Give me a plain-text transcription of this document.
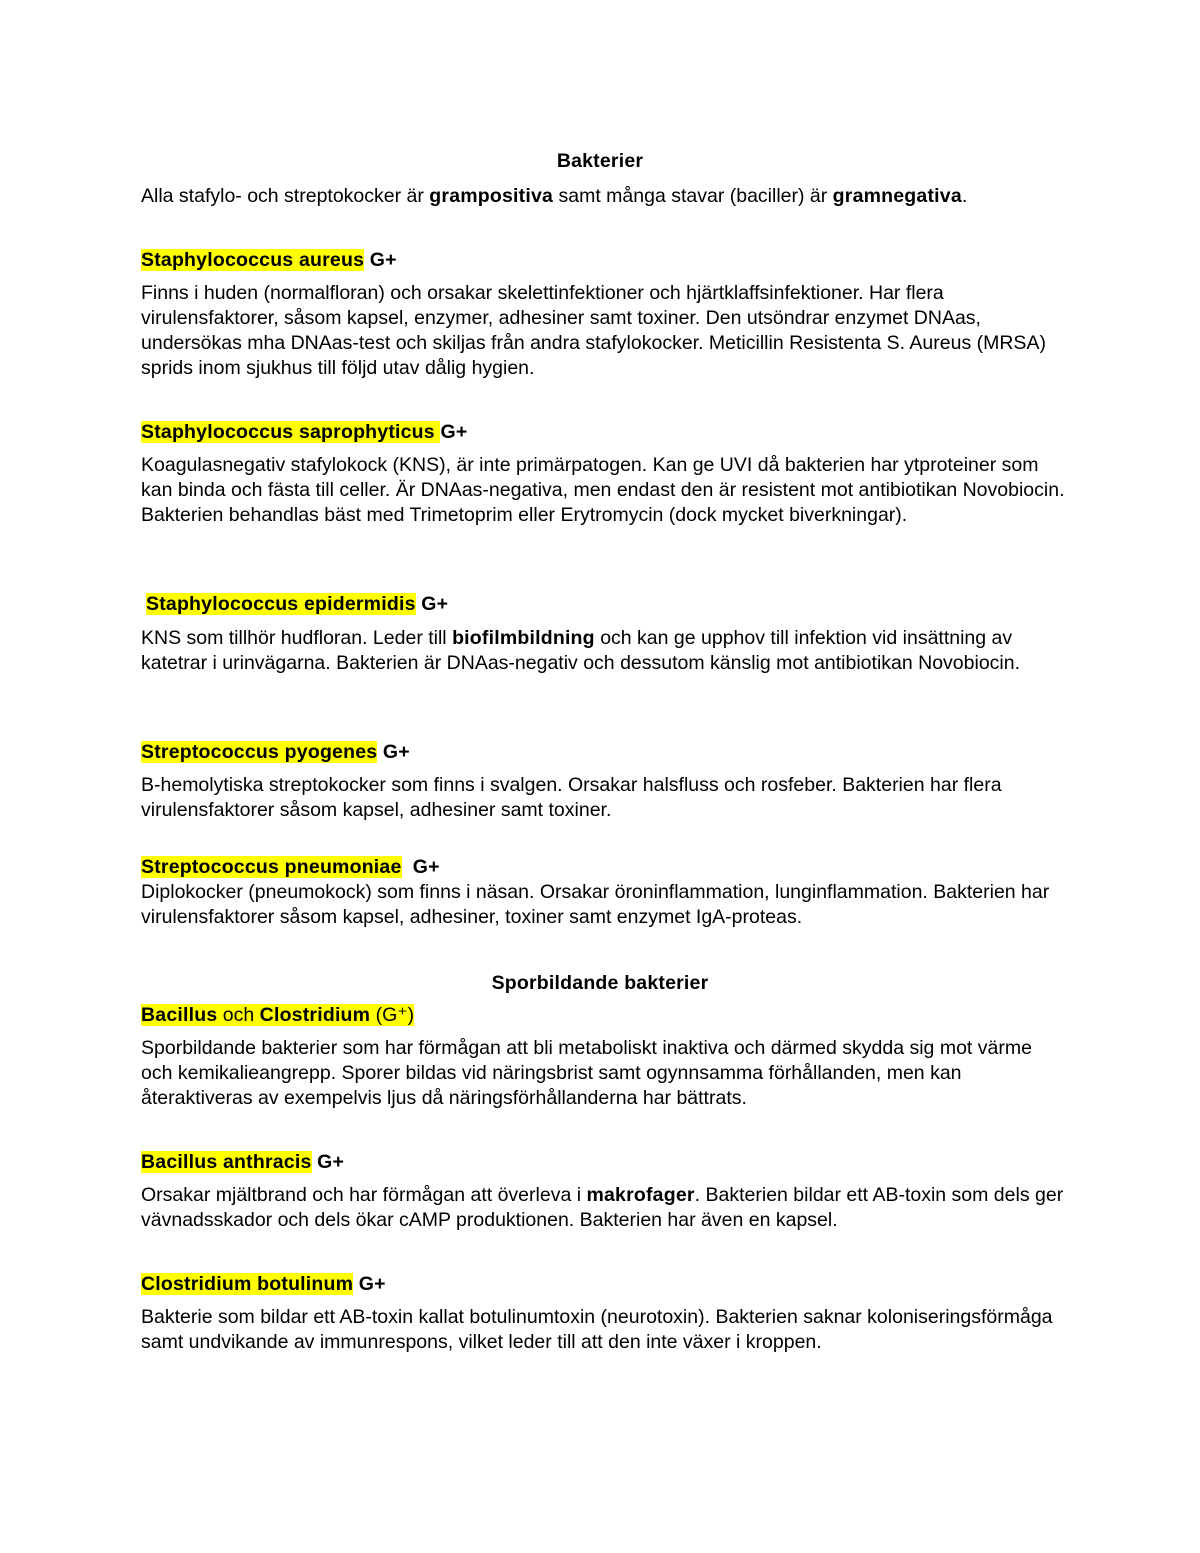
Bakterier
Alla stafylo- och streptokocker är grampositiva samt många stavar (baciller) är gramnegativa.
Staphylococcus aureus G+
Finns i huden (normalfloran) och orsakar skelettinfektioner och hjärtklaffsinfektioner. Har flera virulensfaktorer, såsom kapsel, enzymer, adhesiner samt toxiner. Den utsöndrar enzymet DNAas, undersökas mha DNAas-test och skiljas från andra stafylokocker. Meticillin Resistenta S. Aureus (MRSA) sprids inom sjukhus till följd utav dålig hygien.
Staphylococcus saprophyticus G+
Koagulasnegativ stafylokock (KNS), är inte primärpatogen. Kan ge UVI då bakterien har ytproteiner som kan binda och fästa till celler. Är DNAas-negativa, men endast den är resistent mot antibiotikan Novobiocin. Bakterien behandlas bäst med Trimetoprim eller Erytromycin (dock mycket biverkningar).
Staphylococcus epidermidis G+
KNS som tillhör hudfloran. Leder till biofilmbildning och kan ge upphov till infektion vid insättning av katetrar i urinvägarna. Bakterien är DNAas-negativ och dessutom känslig mot antibiotikan Novobiocin.
Streptococcus pyogenes G+
B-hemolytiska streptokocker som finns i svalgen. Orsakar halsfluss och rosfeber. Bakterien har flera virulensfaktorer såsom kapsel, adhesiner samt toxiner.
Streptococcus pneumoniae  G+
Diplokocker (pneumokock) som finns i näsan. Orsakar öroninflammation, lunginflammation. Bakterien har virulensfaktorer såsom kapsel, adhesiner, toxiner samt enzymet IgA-proteas.
Sporbildande bakterier
Bacillus och Clostridium (G⁺)
Sporbildande bakterier som har förmågan att bli metaboliskt inaktiva och därmed skydda sig mot värme och kemikalieangrepp. Sporer bildas vid näringsbrist samt ogynnsamma förhållanden, men kan återaktiveras av exempelvis ljus då näringsförhållanderna har bättrats.
Bacillus anthracis G+
Orsakar mjältbrand och har förmågan att överleva i makrofager. Bakterien bildar ett AB-toxin som dels ger vävnadsskador och dels ökar cAMP produktionen. Bakterien har även en kapsel.
Clostridium botulinum G+
Bakterie som bildar ett AB-toxin kallat botulinumtoxin (neurotoxin). Bakterien saknar koloniseringsförmåga samt undvikande av immunrespons, vilket leder till att den inte växer i kroppen.
